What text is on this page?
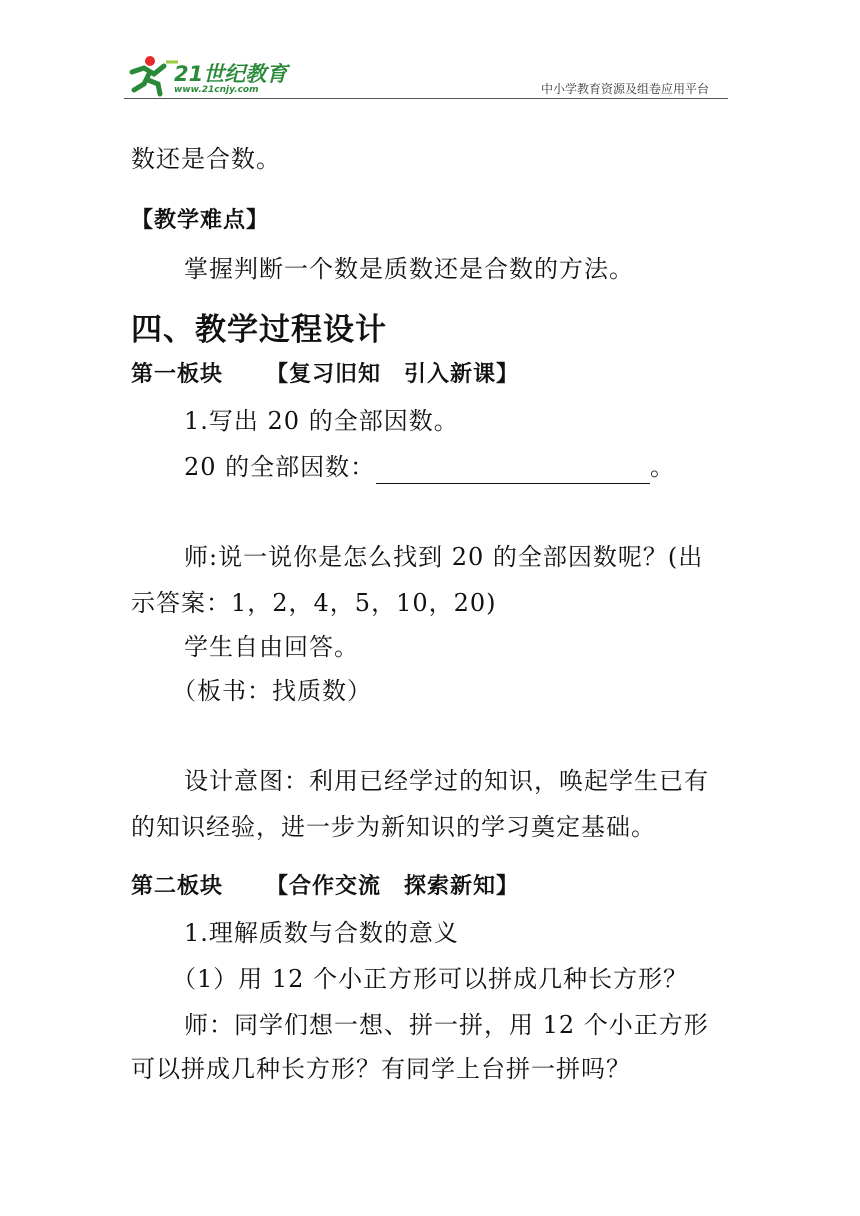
21世纪教育
www.21cnjy.com	中小学教育资源及组卷应用平台
数还是合数。
【教学难点】
掌握判断一个数是质数还是合数的方法。
四、教学过程设计
第一板块 【复习旧知　引入新课】
1.写出 20 的全部因数。
20 的全部因数：	。
师:说一说你是怎么找到 20 的全部因数呢？(出
示答案：1，2，4，5，10，20)
学生自由回答。
（板书：找质数）
设计意图：利用已经学过的知识，唤起学生已有
的知识经验，进一步为新知识的学习奠定基础。
第二板块 【合作交流　探索新知】
1.理解质数与合数的意义
（1）用 12 个小正方形可以拼成几种长方形？
师：同学们想一想、拼一拼，用 12 个小正方形
可以拼成几种长方形？有同学上台拼一拼吗？
